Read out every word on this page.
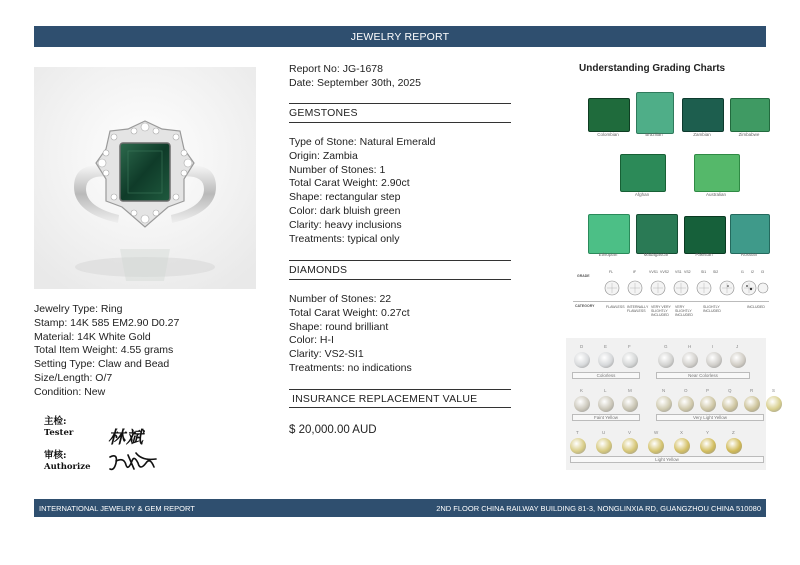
JEWELRY REPORT
Jewelry Type: Ring
Stamp: 14K 585 EM2.90 D0.27
Material: 14K White Gold
Total Item Weight: 4.55 grams
Setting Type: Claw and Bead
Size/Length: O/7
Condition: New
主检:
Tester
审核:
Authorize
林斌
Report No: JG-1678
Date: September 30th, 2025
GEMSTONES
Type of Stone: Natural Emerald
Origin: Zambia
Number of Stones: 1
Total Carat Weight: 2.90ct
Shape: rectangular step
Color: dark bluish green
Clarity: heavy inclusions
Treatments: typical only
DIAMONDS
Number of Stones: 22
Total Carat Weight: 0.27ct
Shape: round brilliant
Color: H-I
Clarity: VS2-SI1
Treatments: no indications
INSURANCE REPLACEMENT VALUE
$ 20,000.00 AUD
Understanding Grading Charts
Colombian	Brazilian	Zambian	Zimbabwe
Afghan	Australian
Ethiopian	Madagascar	Pakistan	Russian
GRADE
CATEGORY
FL	IF	VVS1 VVS2 VS1 VS2	SI1 SI2	I1 I2 I3
FLAWLESS INTERNALLY FLAWLESS
VERY VERY SLIGHTLY INCLUDED
VERY SLIGHTLY INCLUDED
SLIGHTLY INCLUDED
INCLUDED
D	E	F	G	H	I	J
K	L	M	N	O	P	Q	R	S
T	U	V	W	X	Y	Z
Colorless	Near Colorless
Faint Yellow	Very Light Yellow
Light Yellow
INTERNATIONAL JEWELRY & GEM REPORT	2ND FLOOR CHINA RAILWAY BUILDING 81-3, NONGLINXIA RD, GUANGZHOU CHINA 510080
